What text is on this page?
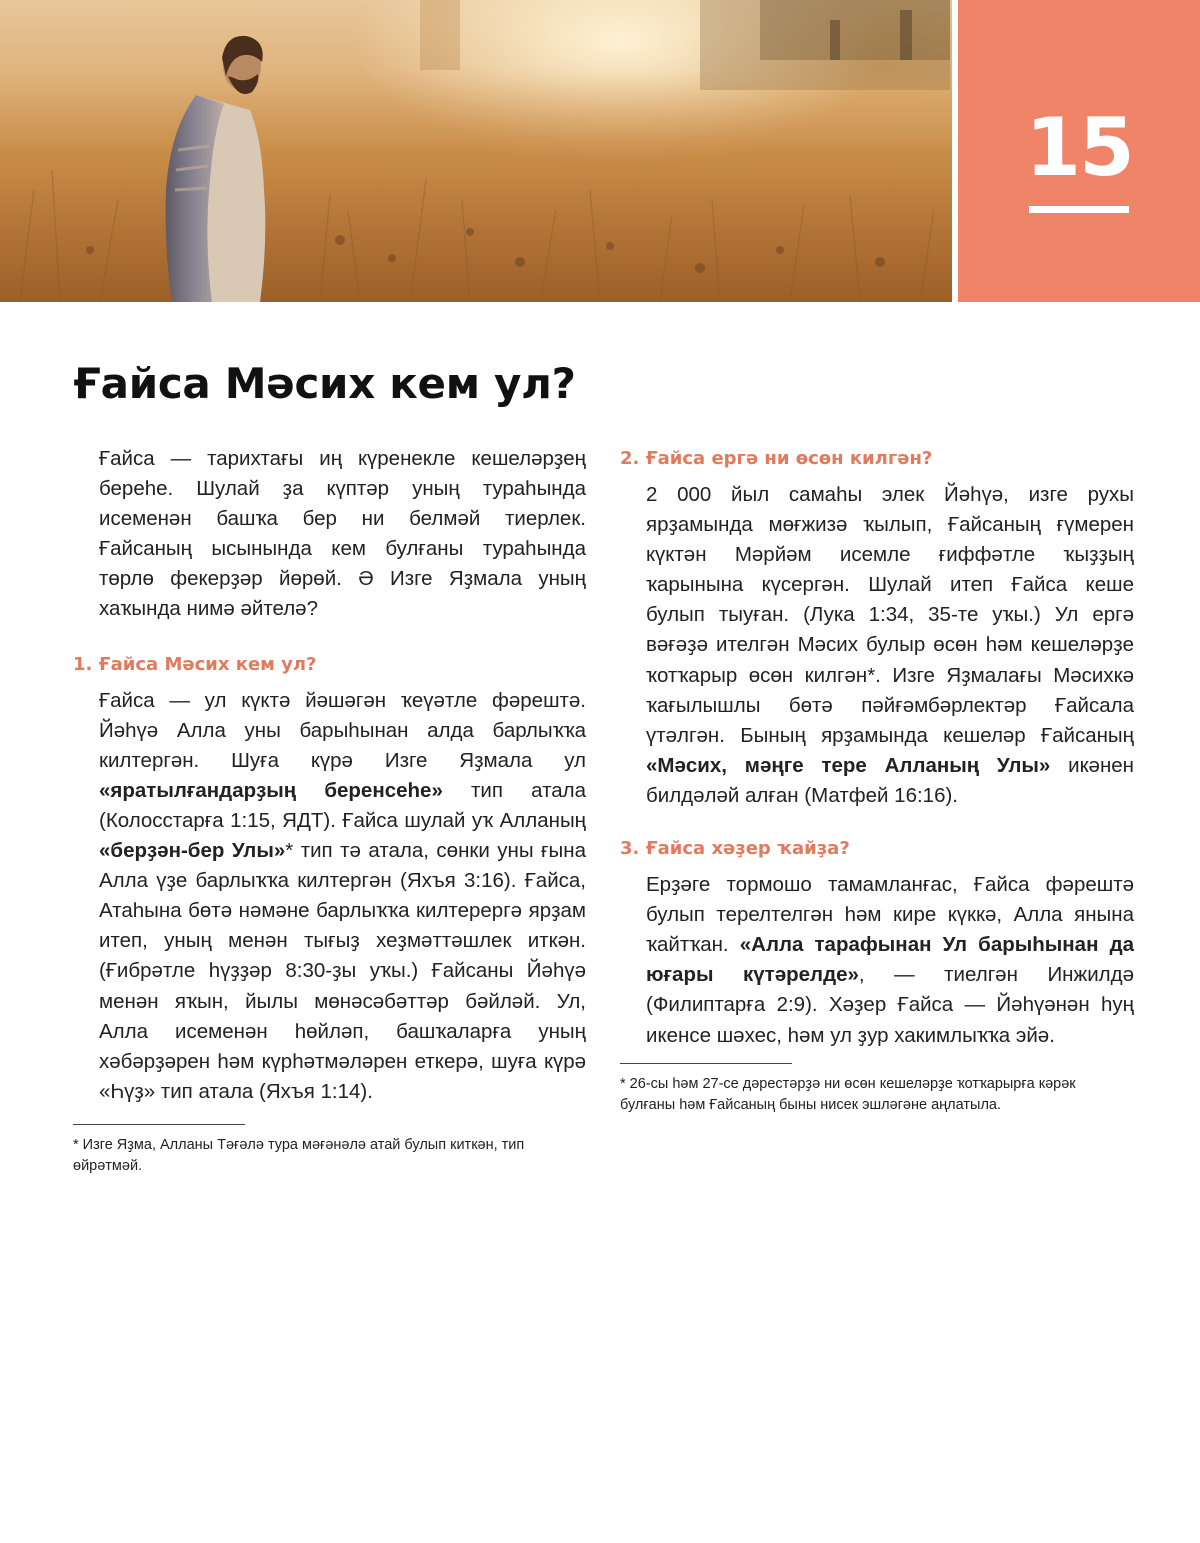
15
Ғайса Мәсих кем ул?

Ғайса — тарихтағы иң күренекле кешеләрҙең береһе. Шулай ҙа күптәр уның тураһында исеменән башҡа бер ни белмәй тиерлек. Ғайсаның ысынында кем булғаны тураһында төрлө фекерҙәр йөрөй. Ә Изге Яҙмала уның хаҡында нимә әйтелә?

1. Ғайса Мәсих кем ул?

Ғайса — ул күктә йәшәгән ҡеүәтле фәрештә. Йәһүә Алла уны барыһынан алда барлыҡҡа килтергән. Шуға күрә Изге Яҙмала ул «яратылғандарҙың беренсеһе» тип атала (Колосстарға 1:15, ЯДТ). Ғайса шулай уҡ Алланың «берҙән-бер Улы»* тип тә атала, сөнки уны ғына Алла үҙе барлыҡҡа килтергән (Яхъя 3:16). Ғайса, Атаһына бөтә нәмәне барлыҡҡа килтерергә ярҙам итеп, уның менән тығыҙ хеҙмәттәшлек иткән. (Ғибрәтле һүҙҙәр 8:30-ҙы уҡы.) Ғайсаны Йәһүә менән яҡын, йылы мөнәсәбәттәр бәйләй. Ул, Алла исеменән һөйләп, башҡаларға уның хәбәрҙәрен һәм күрһәтмәләрен еткерә, шуға күрә «Һүҙ» тип атала (Яхъя 1:14).

* Изге Яҙма, Алланы Тәғәлә тура мәғәнәлә атай булып киткән, тип өйрәтмәй.

2. Ғайса ергә ни өсөн килгән?

2 000 йыл самаһы элек Йәһүә, изге рухы ярҙамында мөғжизә ҡылып, Ғайсаның ғүмерен күктән Мәрйәм исемле ғиффәтле ҡыҙҙың ҡарынына күсергән. Шулай итеп Ғайса кеше булып тыуған. (Лука 1:34, 35-те уҡы.) Ул ергә вәғәҙә ителгән Мәсих булыр өсөн һәм кешеләрҙе ҡотҡарыр өсөн килгән*. Изге Яҙмалағы Мәсихкә ҡағылышлы бөтә пәйғәмбәрлектәр Ғайсала үтәлгән. Бының ярҙамында кешеләр Ғайсаның «Мәсих, мәңге тере Алланың Улы» икәнен билдәләй алған (Матфей 16:16).

3. Ғайса хәҙер ҡайҙа?

Ерҙәге тормошо тамамланғас, Ғайса фәрештә булып терелтелгән һәм кире күккә, Алла янына ҡайтҡан. «Алла тарафынан Ул барыһынан да юғары күтәрелде», — тиелгән Инжилдә (Филиптарға 2:9). Хәҙер Ғайса — Йәһүәнән һуң икенсе шәхес, һәм ул ҙур хакимлыҡҡа эйә.

* 26-сы һәм 27-се дәрестәрҙә ни өсөн кешеләрҙе ҡотҡарырға кәрәк булғаны һәм Ғайсаның быны нисек эшләгәне аңлатыла.
